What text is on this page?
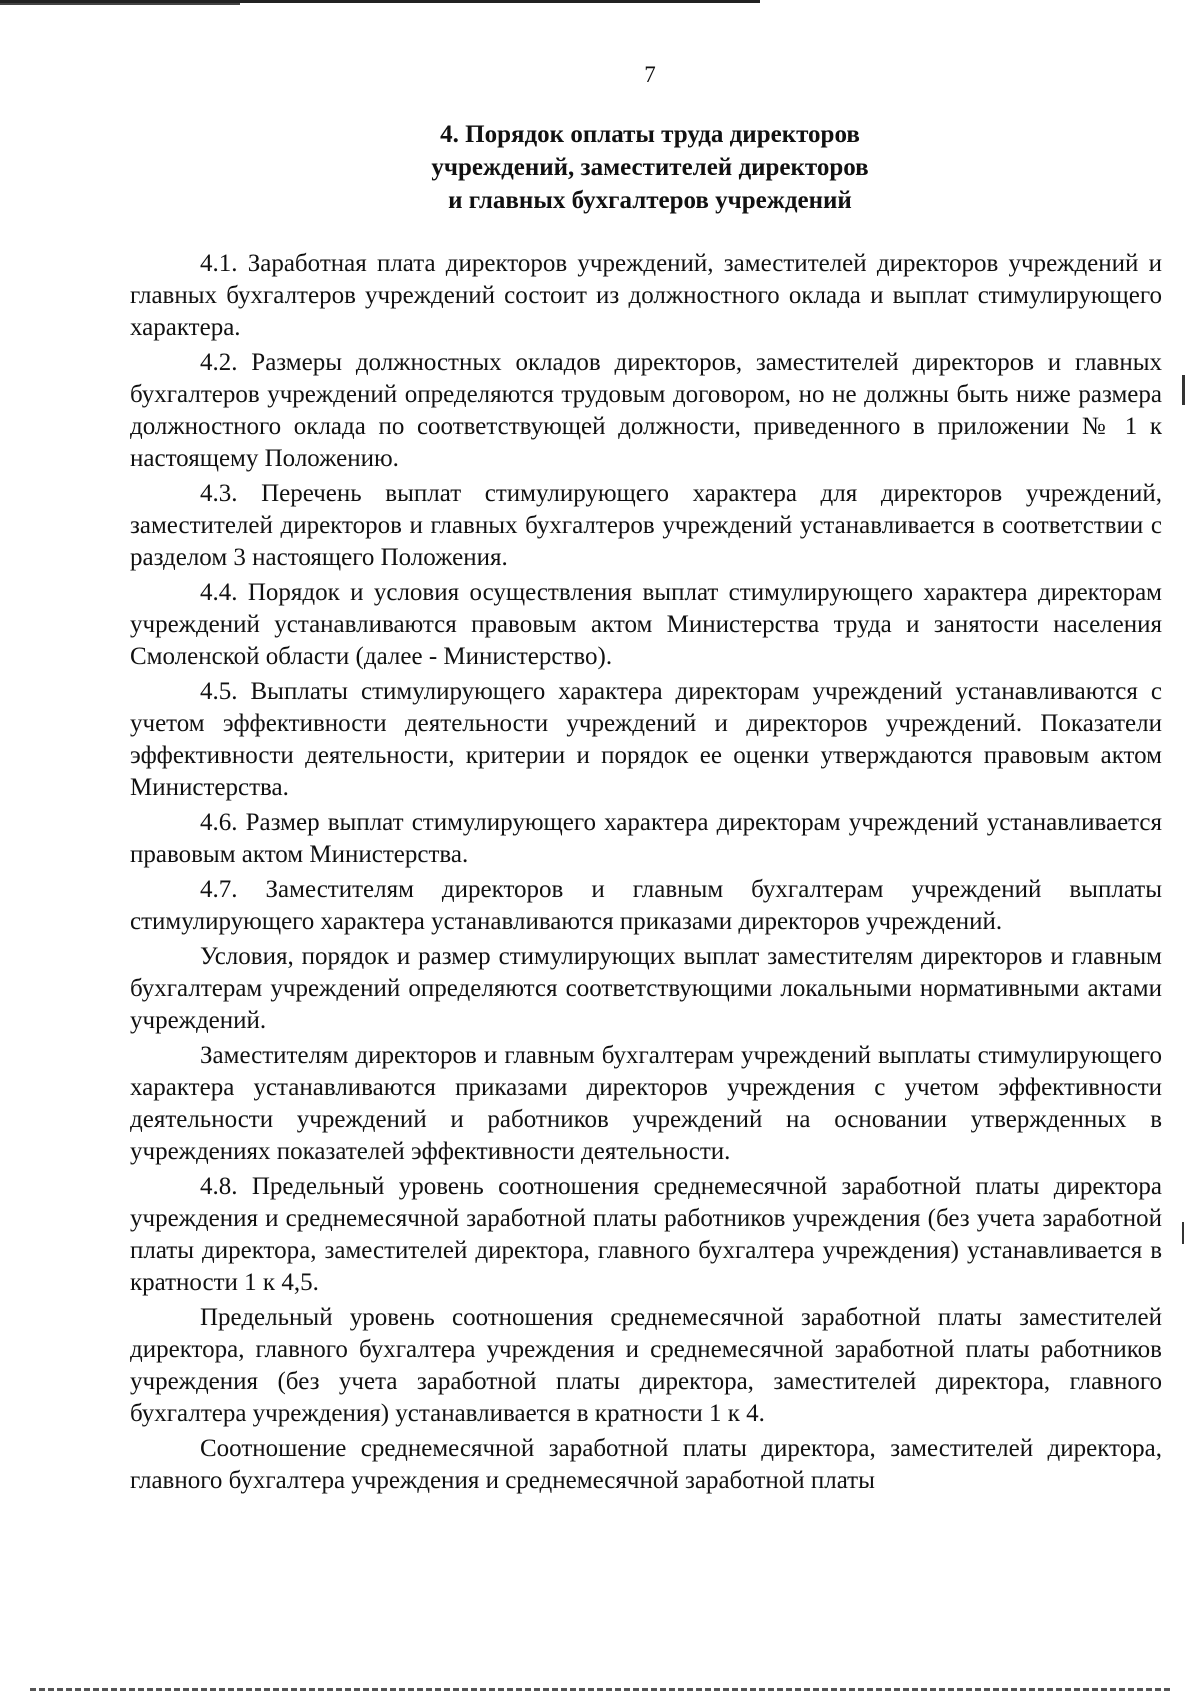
7
4. Порядок оплаты труда директоров
учреждений, заместителей директоров
и главных бухгалтеров учреждений

4.1. Заработная плата директоров учреждений, заместителей директоров учреждений и главных бухгалтеров учреждений состоит из должностного оклада и выплат стимулирующего характера.

4.2. Размеры должностных окладов директоров, заместителей директоров и главных бухгалтеров учреждений определяются трудовым договором, но не должны быть ниже размера должностного оклада по соответствующей должности, приведенного в приложении № 1 к настоящему Положению.

4.3. Перечень выплат стимулирующего характера для директоров учреждений, заместителей директоров и главных бухгалтеров учреждений устанавливается в соответствии с разделом 3 настоящего Положения.

4.4. Порядок и условия осуществления выплат стимулирующего характера директорам учреждений устанавливаются правовым актом Министерства труда и занятости населения Смоленской области (далее - Министерство).

4.5. Выплаты стимулирующего характера директорам учреждений устанавливаются с учетом эффективности деятельности учреждений и директоров учреждений. Показатели эффективности деятельности, критерии и порядок ее оценки утверждаются правовым актом Министерства.

4.6. Размер выплат стимулирующего характера директорам учреждений устанавливается правовым актом Министерства.

4.7. Заместителям директоров и главным бухгалтерам учреждений выплаты стимулирующего характера устанавливаются приказами директоров учреждений.

Условия, порядок и размер стимулирующих выплат заместителям директоров и главным бухгалтерам учреждений определяются соответствующими локальными нормативными актами учреждений.

Заместителям директоров и главным бухгалтерам учреждений выплаты стимулирующего характера устанавливаются приказами директоров учреждения с учетом эффективности деятельности учреждений и работников учреждений на основании утвержденных в учреждениях показателей эффективности деятельности.

4.8. Предельный уровень соотношения среднемесячной заработной платы директора учреждения и среднемесячной заработной платы работников учреждения (без учета заработной платы директора, заместителей директора, главного бухгалтера учреждения) устанавливается в кратности 1 к 4,5.

Предельный уровень соотношения среднемесячной заработной платы заместителей директора, главного бухгалтера учреждения и среднемесячной заработной платы работников учреждения (без учета заработной платы директора, заместителей директора, главного бухгалтера учреждения) устанавливается в кратности 1 к 4.

Соотношение среднемесячной заработной платы директора, заместителей директора, главного бухгалтера учреждения и среднемесячной заработной платы
